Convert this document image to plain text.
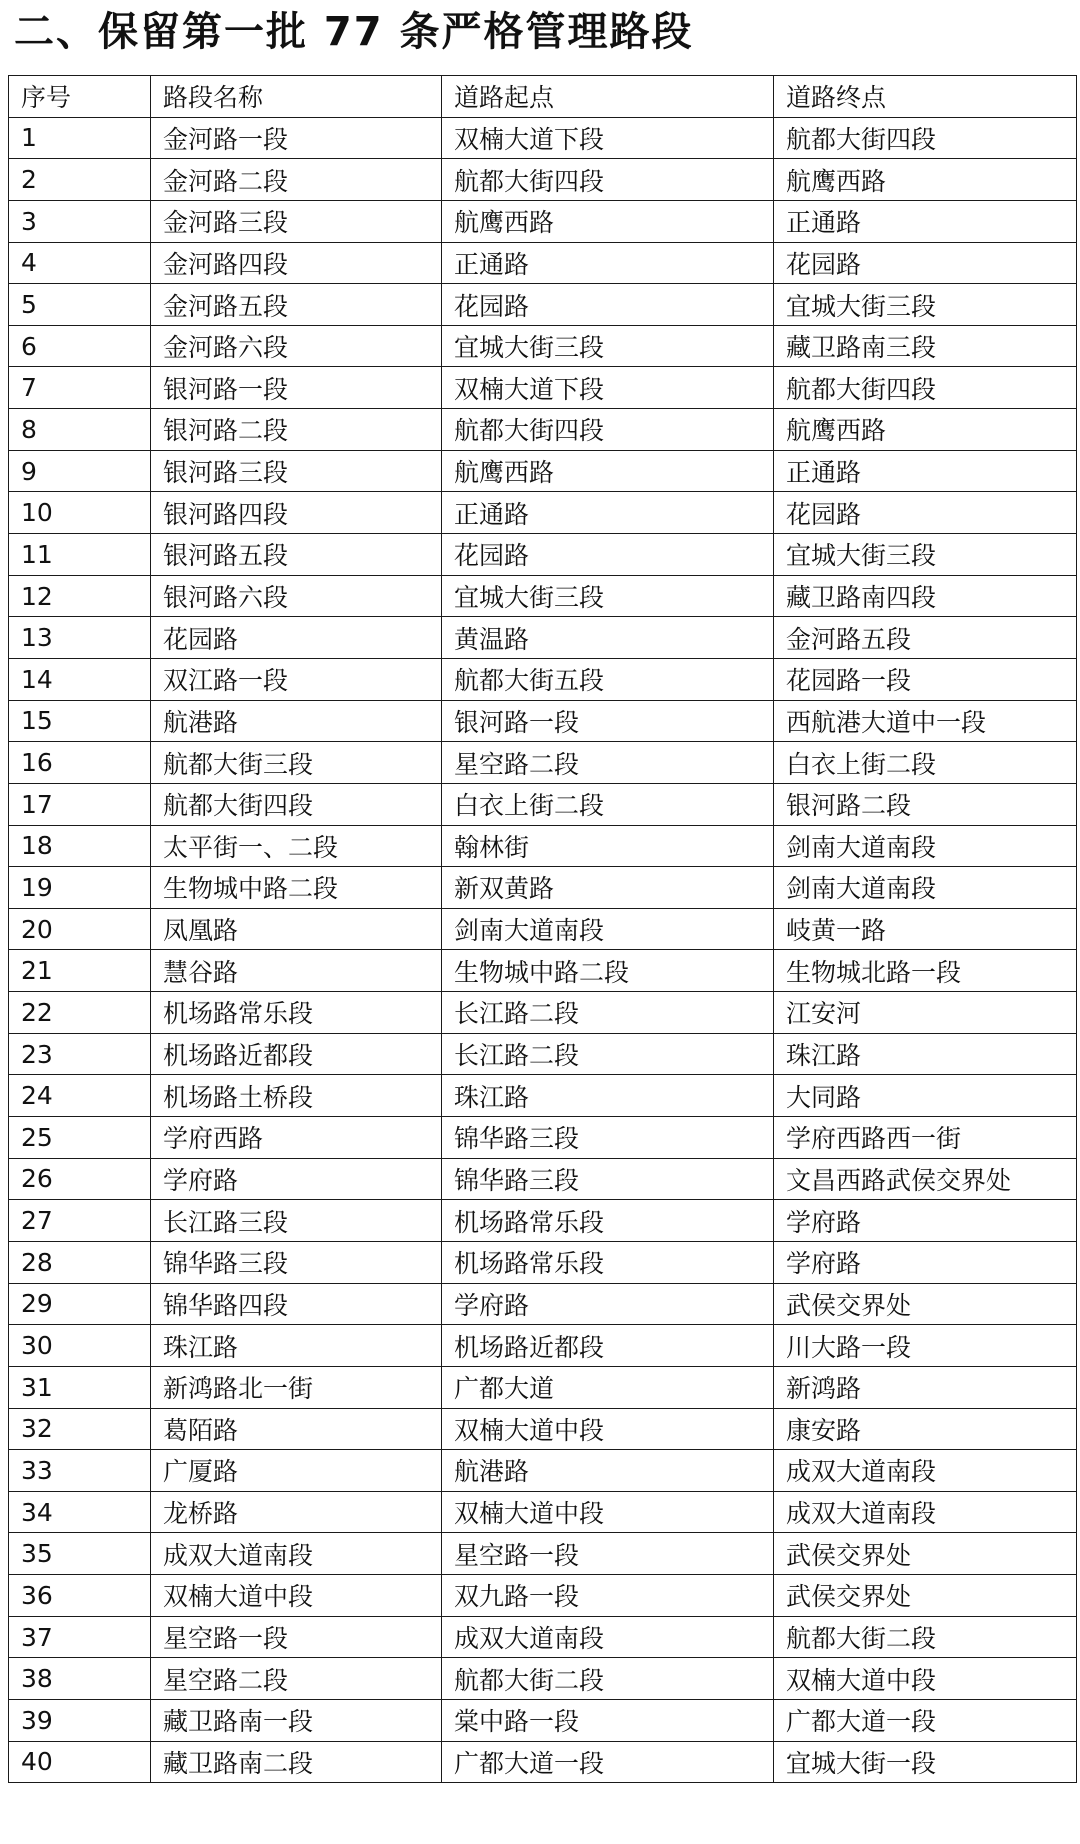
二、保留第一批 77 条严格管理路段
序号	路段名称	道路起点	道路终点
1	金河路一段	双楠大道下段	航都大街四段
2	金河路二段	航都大街四段	航鹰西路
3	金河路三段	航鹰西路	正通路
4	金河路四段	正通路	花园路
5	金河路五段	花园路	宜城大街三段
6	金河路六段	宜城大街三段	藏卫路南三段
7	银河路一段	双楠大道下段	航都大街四段
8	银河路二段	航都大街四段	航鹰西路
9	银河路三段	航鹰西路	正通路
10	银河路四段	正通路	花园路
11	银河路五段	花园路	宜城大街三段
12	银河路六段	宜城大街三段	藏卫路南四段
13	花园路	黄温路	金河路五段
14	双江路一段	航都大街五段	花园路一段
15	航港路	银河路一段	西航港大道中一段
16	航都大街三段	星空路二段	白衣上街二段
17	航都大街四段	白衣上街二段	银河路二段
18	太平街一、二段	翰林街	剑南大道南段
19	生物城中路二段	新双黄路	剑南大道南段
20	凤凰路	剑南大道南段	岐黄一路
21	慧谷路	生物城中路二段	生物城北路一段
22	机场路常乐段	长江路二段	江安河
23	机场路近都段	长江路二段	珠江路
24	机场路土桥段	珠江路	大同路
25	学府西路	锦华路三段	学府西路西一街
26	学府路	锦华路三段	文昌西路武侯交界处
27	长江路三段	机场路常乐段	学府路
28	锦华路三段	机场路常乐段	学府路
29	锦华路四段	学府路	武侯交界处
30	珠江路	机场路近都段	川大路一段
31	新鸿路北一街	广都大道	新鸿路
32	葛陌路	双楠大道中段	康安路
33	广厦路	航港路	成双大道南段
34	龙桥路	双楠大道中段	成双大道南段
35	成双大道南段	星空路一段	武侯交界处
36	双楠大道中段	双九路一段	武侯交界处
37	星空路一段	成双大道南段	航都大街二段
38	星空路二段	航都大街二段	双楠大道中段
39	藏卫路南一段	棠中路一段	广都大道一段
40	藏卫路南二段	广都大道一段	宜城大街一段
